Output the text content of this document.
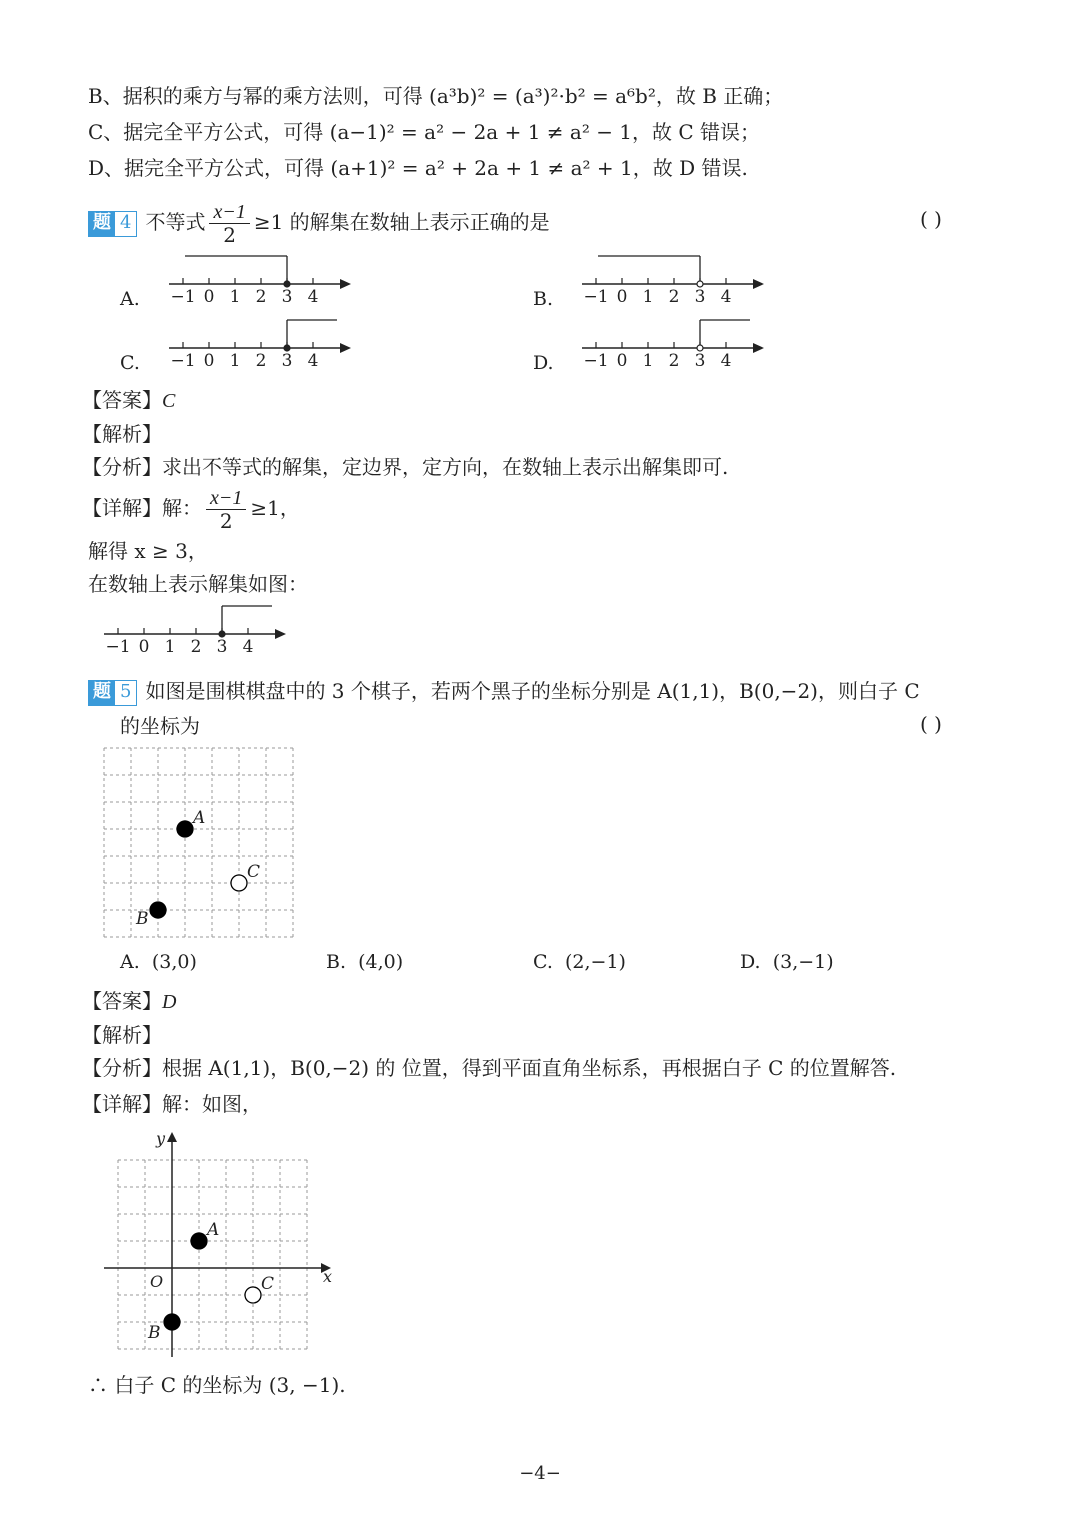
B、据积的乘方与幂的乘方法则，可得 (a³b)² = (a³)²·b² = a⁶b²，故 B 正确；
C、据完全平方公式，可得 (a−1)² = a² − 2a + 1 ≠ a² − 1，故 C 错误；
D、据完全平方公式，可得 (a+1)² = a² + 2a + 1 ≠ a² + 1，故 D 错误.
题 4 不等式 $\frac{x-1}{2} \ge 1$ 的解集在数轴上表示正确的是	( )
A.	B.
C.	D.
−1 0 1 2 3 4	−1 0 1 2 3 4
−1 0 1 2 3 4	−1 0 1 2 3 4
【答案】C
【解析】
【分析】求出不等式的解集，定边界，定方向，在数轴上表示出解集即可.
【详解】解： $\frac{x-1}{2} \ge 1$，
解得 x ≥ 3，
在数轴上表示解集如图：
−1 0 1 2 3 4
题 5 如图是围棋棋盘中的 3 个棋子，若两个黑子的坐标分别是 A(1,1)，B(0,−2)，则白子 C
的坐标为	( )
A
B
C
A. (3,0)	B. (4,0)	C. (2,−1)	D. (3,−1)
【答案】D
【解析】
【分析】根据 A(1,1)，B(0,−2) 的 位置，得到平面直角坐标系，再根据白子 C 的位置解答.
【详解】解：如图，
x
y
O
A
B
C
∴ 白子 C 的坐标为 (3, −1).
−4−
